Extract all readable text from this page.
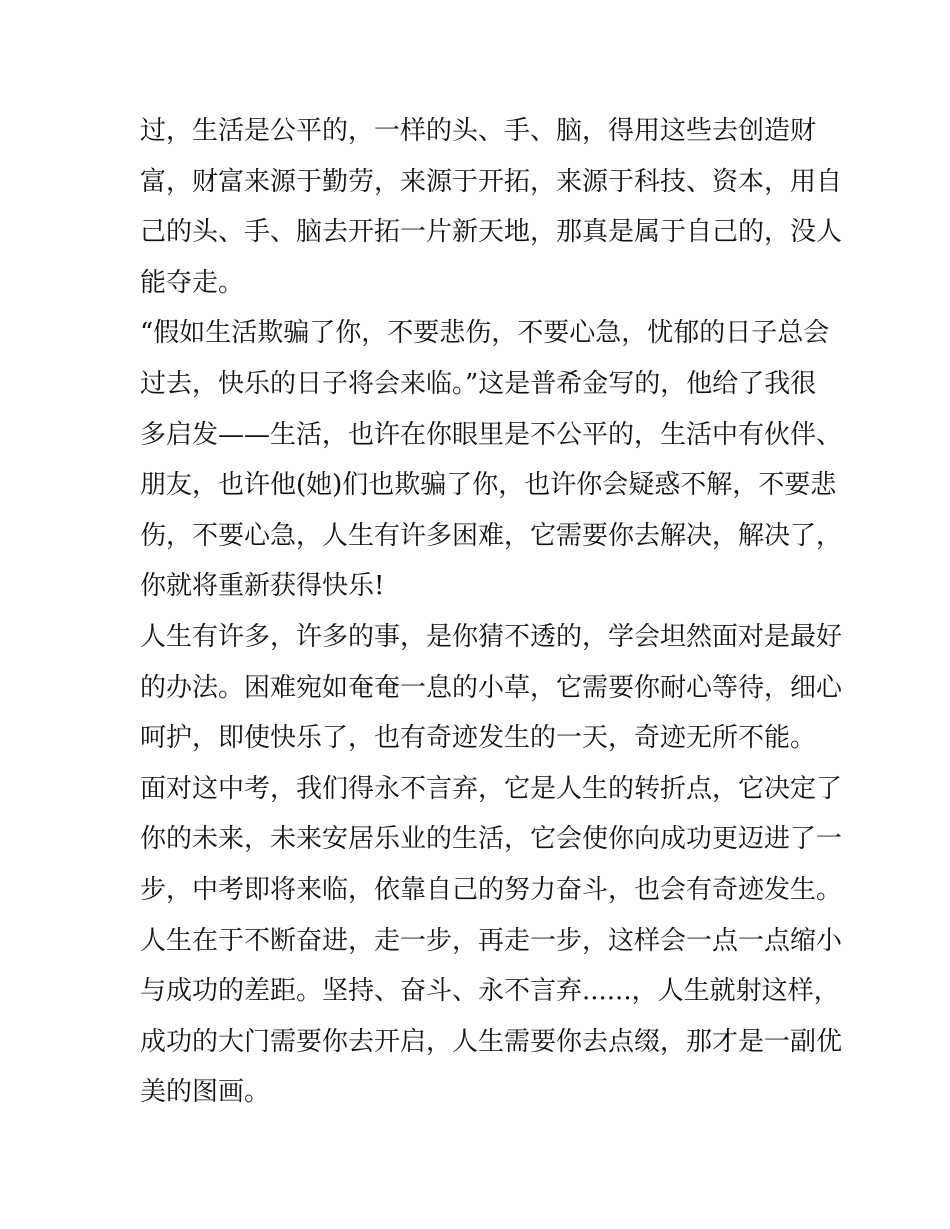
过，生活是公平的，一样的头、手、脑，得用这些去创造财
富，财富来源于勤劳，来源于开拓，来源于科技、资本，用自
己的头、手、脑去开拓一片新天地，那真是属于自己的，没人
能夺走。
“假如生活欺骗了你，不要悲伤，不要心急，忧郁的日子总会
过去，快乐的日子将会来临。”这是普希金写的，他给了我很
多启发——生活，也许在你眼里是不公平的，生活中有伙伴、
朋友，也许他(她)们也欺骗了你，也许你会疑惑不解，不要悲
伤，不要心急，人生有许多困难，它需要你去解决，解决了，
你就将重新获得快乐!
人生有许多，许多的事，是你猜不透的，学会坦然面对是最好
的办法。困难宛如奄奄一息的小草，它需要你耐心等待，细心
呵护，即使快乐了，也有奇迹发生的一天，奇迹无所不能。
面对这中考，我们得永不言弃，它是人生的转折点，它决定了
你的未来，未来安居乐业的生活，它会使你向成功更迈进了一
步，中考即将来临，依靠自己的努力奋斗，也会有奇迹发生。
人生在于不断奋进，走一步，再走一步，这样会一点一点缩小
与成功的差距。坚持、奋斗、永不言弃......，人生就射这样，
成功的大门需要你去开启，人生需要你去点缀，那才是一副优
美的图画。
